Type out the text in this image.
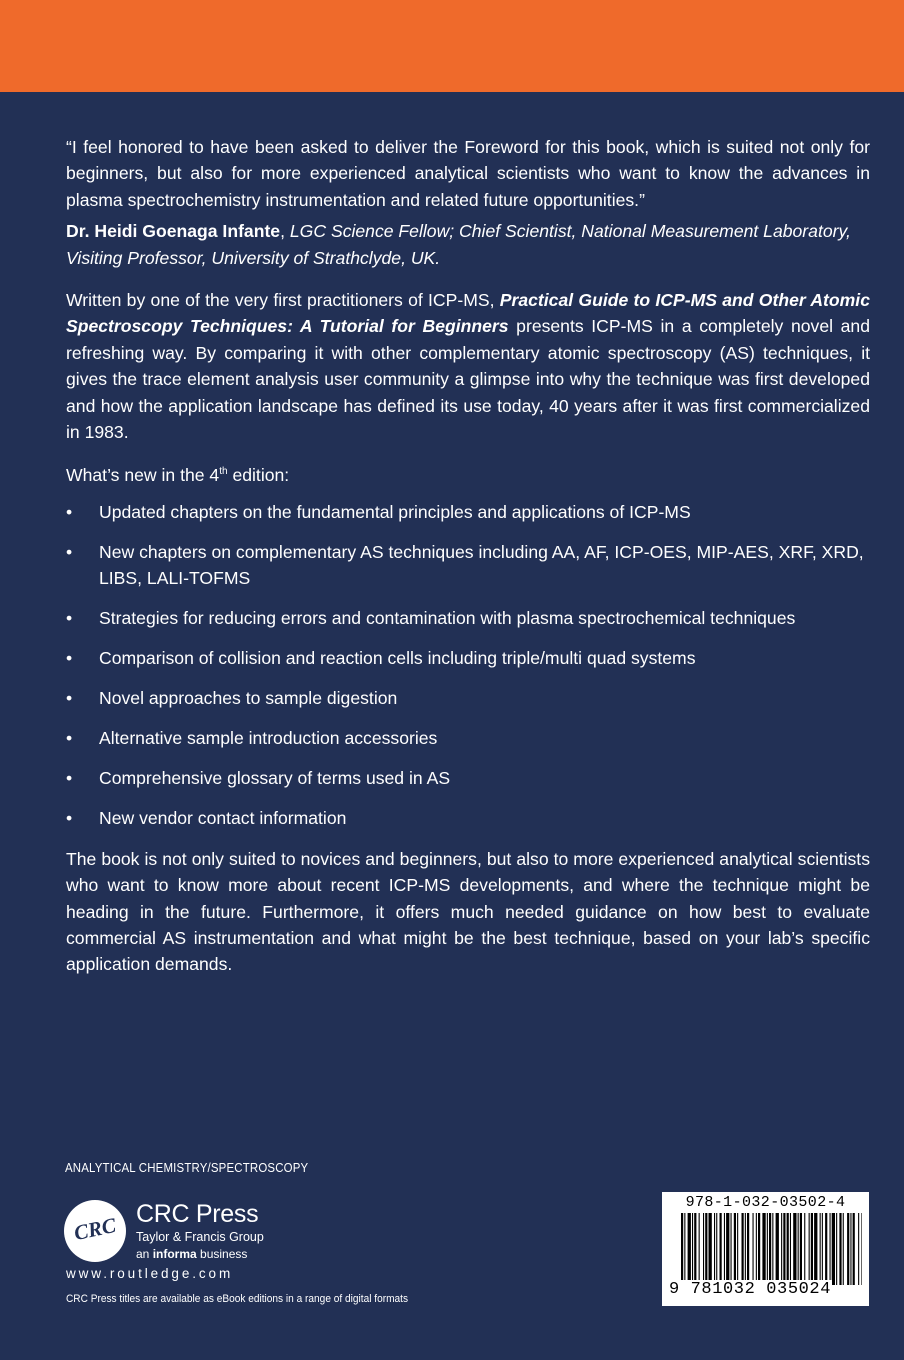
“I feel honored to have been asked to deliver the Foreword for this book, which is suited not only for beginners, but also for more experienced analytical scientists who want to know the advances in plasma spectrochemistry instrumentation and related future opportunities.”

Dr. Heidi Goenaga Infante, LGC Science Fellow; Chief Scientist, National Measurement Laboratory, Visiting Professor, University of Strathclyde, UK.

Written by one of the very first practitioners of ICP-MS, Practical Guide to ICP-MS and Other Atomic Spectroscopy Techniques: A Tutorial for Beginners presents ICP-MS in a completely novel and refreshing way. By comparing it with other complementary atomic spectroscopy (AS) techniques, it gives the trace element analysis user community a glimpse into why the technique was first developed and how the application landscape has defined its use today, 40 years after it was first commercialized in 1983.

What’s new in the 4th edition:

• Updated chapters on the fundamental principles and applications of ICP-MS
• New chapters on complementary AS techniques including AA, AF, ICP-OES, MIP-AES, XRF, XRD, LIBS, LALI-TOFMS
• Strategies for reducing errors and contamination with plasma spectrochemical techniques
• Comparison of collision and reaction cells including triple/multi quad systems
• Novel approaches to sample digestion
• Alternative sample introduction accessories
• Comprehensive glossary of terms used in AS
• New vendor contact information

The book is not only suited to novices and beginners, but also to more experienced analytical scientists who want to know more about recent ICP-MS developments, and where the technique might be heading in the future. Furthermore, it offers much needed guidance on how best to evaluate commercial AS instrumentation and what might be the best technique, based on your lab’s specific application demands.

ANALYTICAL CHEMISTRY/SPECTROSCOPY
CRC CRC Press
Taylor & Francis Group
an informa business
www.routledge.com
CRC Press titles are available as eBook editions in a range of digital formats
978-1-032-03502-4
9 781032 035024
